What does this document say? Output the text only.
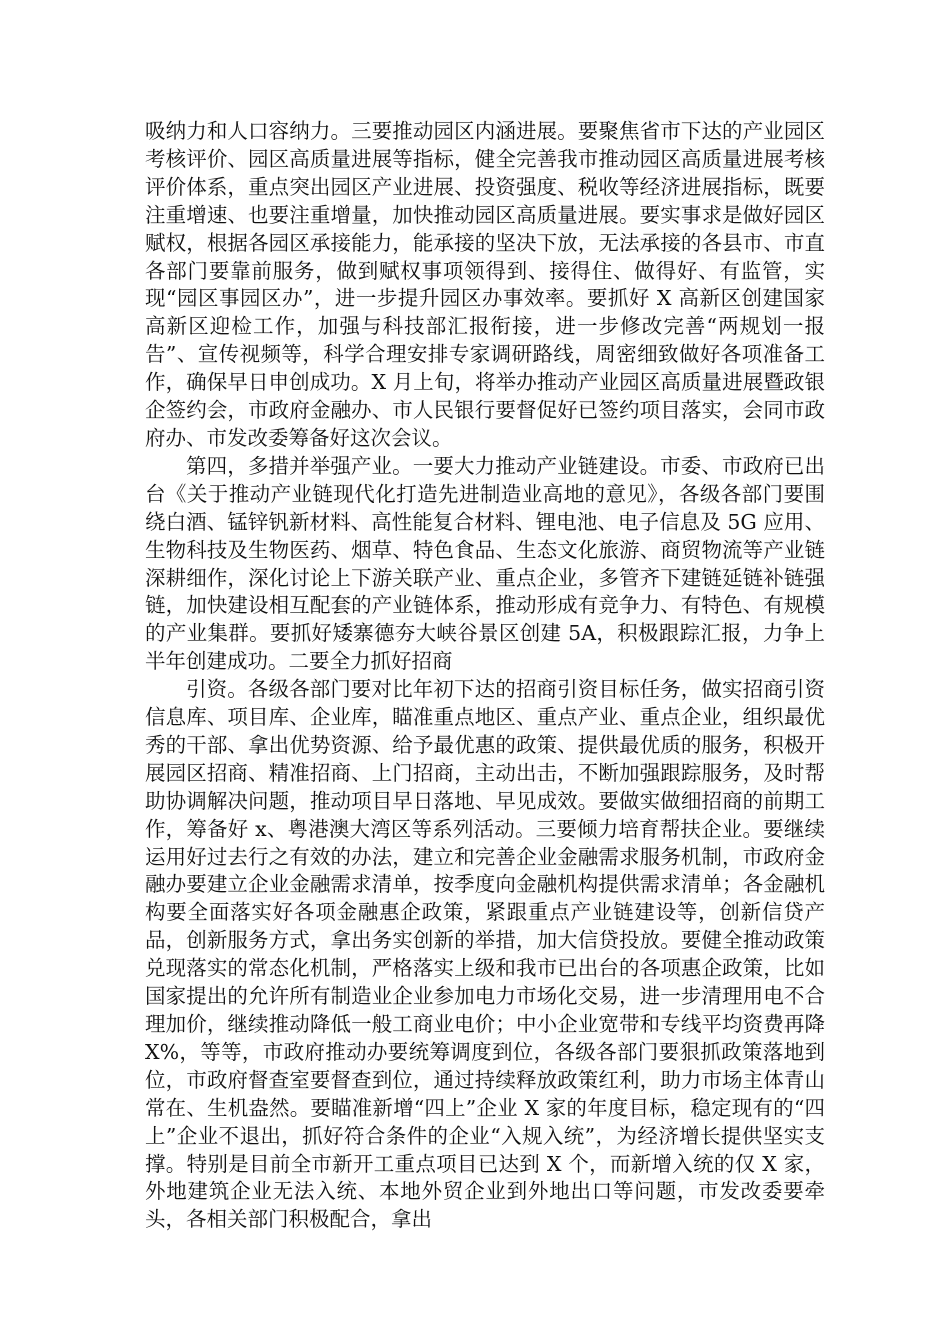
吸纳力和人口容纳力。三要推动园区内涵进展。要聚焦省市下达的产业园区考核评价、园区高质量进展等指标，健全完善我市推动园区高质量进展考核评价体系，重点突出园区产业进展、投资强度、税收等经济进展指标，既要注重增速、也要注重增量，加快推动园区高质量进展。要实事求是做好园区赋权，根据各园区承接能力，能承接的坚决下放，无法承接的各县市、市直各部门要靠前服务，做到赋权事项领得到、接得住、做得好、有监管，实现“园区事园区办”，进一步提升园区办事效率。要抓好 X 高新区创建国家高新区迎检工作，加强与科技部汇报衔接，进一步修改完善“两规划一报告”、宣传视频等，科学合理安排专家调研路线，周密细致做好各项准备工作，确保早日申创成功。X 月上旬，将举办推动产业园区高质量进展暨政银企签约会，市政府金融办、市人民银行要督促好已签约项目落实，会同市政府办、市发改委筹备好这次会议。

第四，多措并举强产业。一要大力推动产业链建设。市委、市政府已出台《关于推动产业链现代化打造先进制造业高地的意见》，各级各部门要围绕白酒、锰锌钒新材料、高性能复合材料、锂电池、电子信息及 5G 应用、生物科技及生物医药、烟草、特色食品、生态文化旅游、商贸物流等产业链深耕细作，深化讨论上下游关联产业、重点企业，多管齐下建链延链补链强链，加快建设相互配套的产业链体系，推动形成有竞争力、有特色、有规模的产业集群。要抓好矮寨德夯大峡谷景区创建 5A，积极跟踪汇报，力争上半年创建成功。二要全力抓好招商

引资。各级各部门要对比年初下达的招商引资目标任务，做实招商引资信息库、项目库、企业库，瞄准重点地区、重点产业、重点企业，组织最优秀的干部、拿出优势资源、给予最优惠的政策、提供最优质的服务，积极开展园区招商、精准招商、上门招商，主动出击，不断加强跟踪服务，及时帮助协调解决问题，推动项目早日落地、早见成效。要做实做细招商的前期工作，筹备好 x、粤港澳大湾区等系列活动。三要倾力培育帮扶企业。要继续运用好过去行之有效的办法，建立和完善企业金融需求服务机制，市政府金融办要建立企业金融需求清单，按季度向金融机构提供需求清单；各金融机构要全面落实好各项金融惠企政策，紧跟重点产业链建设等，创新信贷产品，创新服务方式，拿出务实创新的举措，加大信贷投放。要健全推动政策兑现落实的常态化机制，严格落实上级和我市已出台的各项惠企政策，比如国家提出的允许所有制造业企业参加电力市场化交易，进一步清理用电不合理加价，继续推动降低一般工商业电价；中小企业宽带和专线平均资费再降 X%，等等，市政府推动办要统筹调度到位，各级各部门要狠抓政策落地到位，市政府督查室要督查到位，通过持续释放政策红利，助力市场主体青山常在、生机盎然。要瞄准新增“四上”企业 X 家的年度目标，稳定现有的“四上”企业不退出，抓好符合条件的企业“入规入统”，为经济增长提供坚实支撑。特别是目前全市新开工重点项目已达到 X 个，而新增入统的仅 X 家，外地建筑企业无法入统、本地外贸企业到外地出口等问题，市发改委要牵头，各相关部门积极配合，拿出
